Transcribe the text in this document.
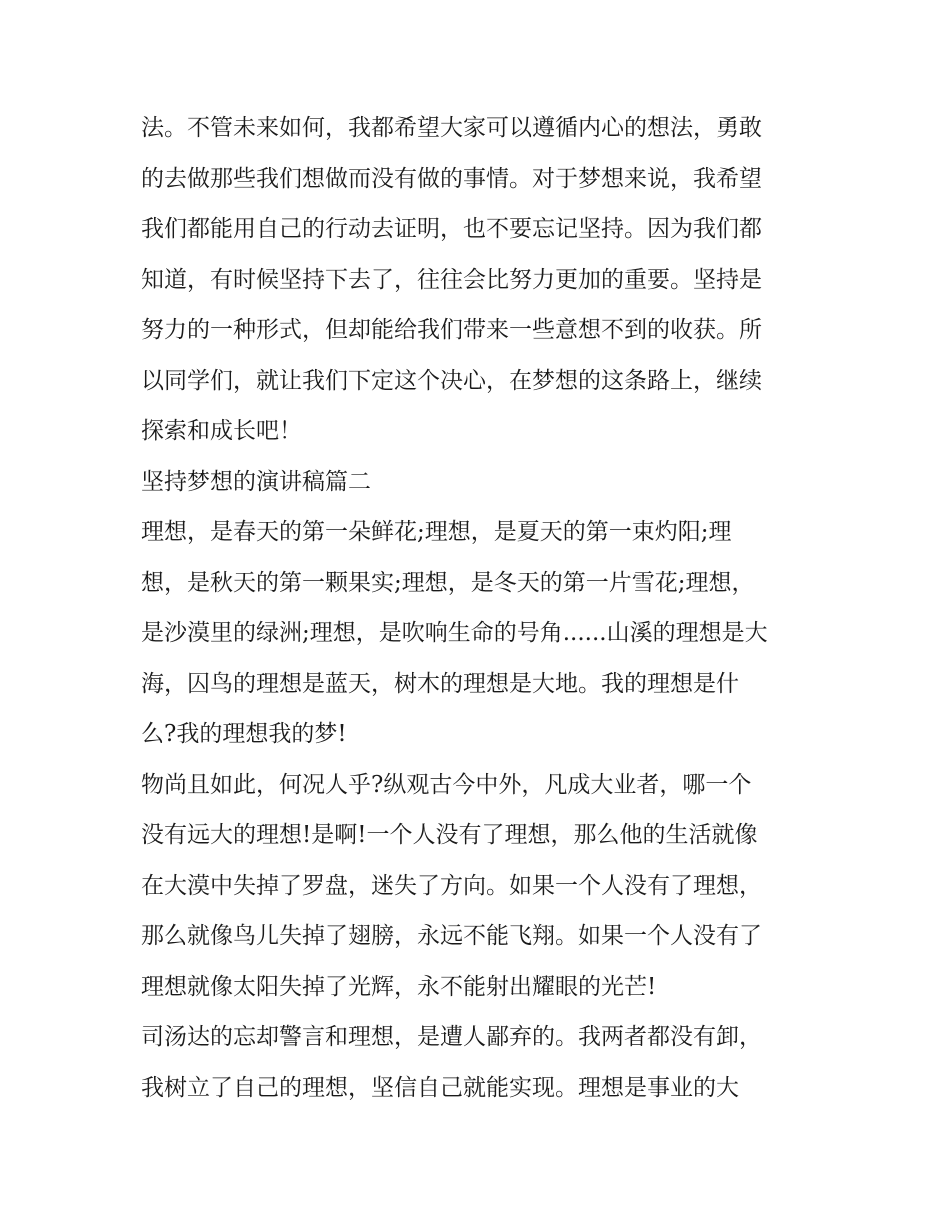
法。不管未来如何，我都希望大家可以遵循内心的想法，勇敢
的去做那些我们想做而没有做的事情。对于梦想来说，我希望
我们都能用自己的行动去证明，也不要忘记坚持。因为我们都
知道，有时候坚持下去了，往往会比努力更加的重要。坚持是
努力的一种形式，但却能给我们带来一些意想不到的收获。所
以同学们，就让我们下定这个决心，在梦想的这条路上，继续
探索和成长吧！
坚持梦想的演讲稿篇二
理想，是春天的第一朵鲜花;理想，是夏天的第一束灼阳;理
想，是秋天的第一颗果实;理想，是冬天的第一片雪花;理想，
是沙漠里的绿洲;理想，是吹响生命的号角......山溪的理想是大
海，囚鸟的理想是蓝天，树木的理想是大地。我的理想是什
么?我的理想我的梦!
物尚且如此，何况人乎?纵观古今中外，凡成大业者，哪一个
没有远大的理想!是啊!一个人没有了理想，那么他的生活就像
在大漠中失掉了罗盘，迷失了方向。如果一个人没有了理想，
那么就像鸟儿失掉了翅膀，永远不能飞翔。如果一个人没有了
理想就像太阳失掉了光辉，永不能射出耀眼的光芒!
司汤达的忘却警言和理想，是遭人鄙弃的。我两者都没有卸，
我树立了自己的理想，坚信自己就能实现。理想是事业的大
